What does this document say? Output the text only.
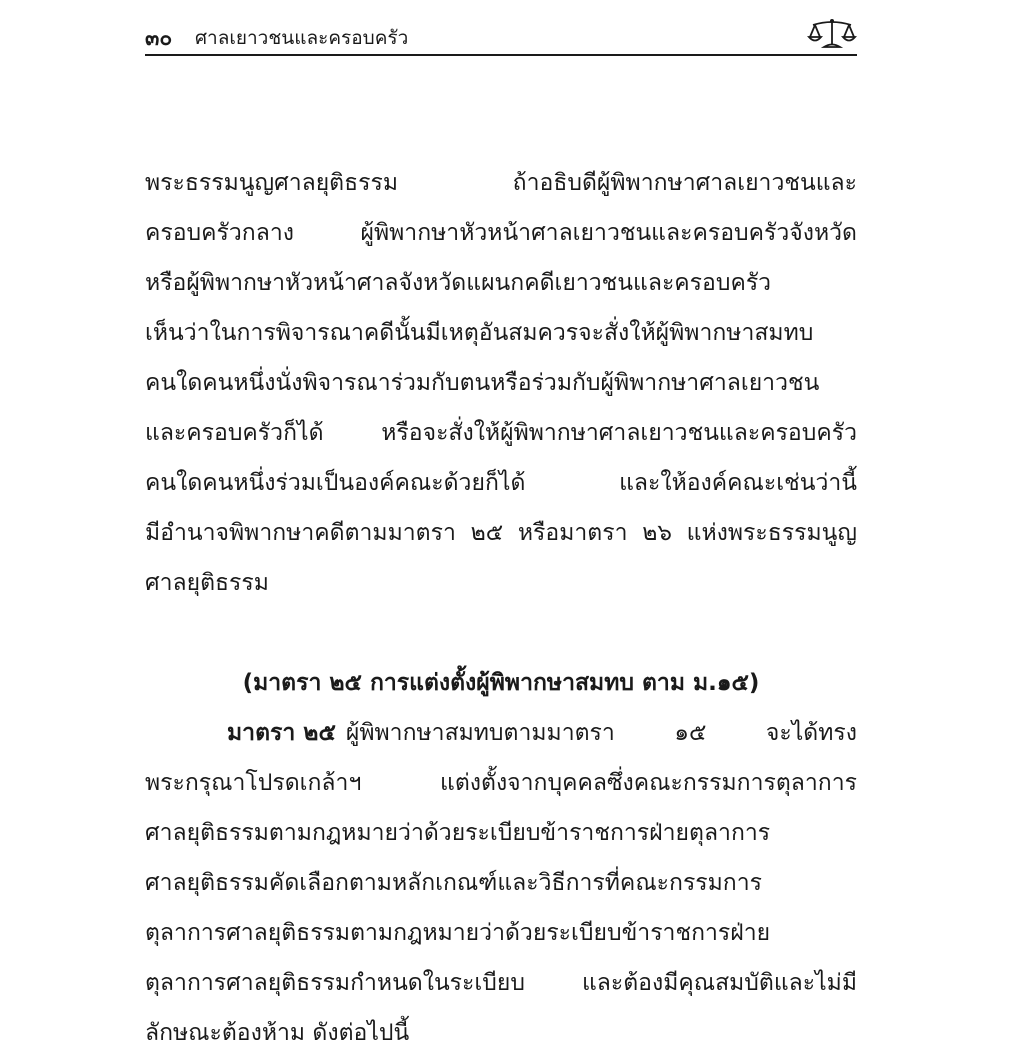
๓๐ ศาลเยาวชนและครอบครัว
พระธรรมนูญศาลยุติธรรม ถ้าอธิบดีผู้พิพากษาศาลเยาวชนและ
ครอบครัวกลาง ผู้พิพากษาหัวหน้าศาลเยาวชนและครอบครัวจังหวัด
หรือผู้พิพากษาหัวหน้าศาลจังหวัดแผนกคดีเยาวชนและครอบครัว
เห็นว่าในการพิจารณาคดีนั้นมีเหตุอันสมควรจะสั่งให้ผู้พิพากษาสมทบ
คนใดคนหนึ่งนั่งพิจารณาร่วมกับตนหรือร่วมกับผู้พิพากษาศาลเยาวชน
และครอบครัวก็ได้ หรือจะสั่งให้ผู้พิพากษาศาลเยาวชนและครอบครัว
คนใดคนหนึ่งร่วมเป็นองค์คณะด้วยก็ได้ และให้องค์คณะเช่นว่านี้
มีอำนาจพิพากษาคดีตามมาตรา ๒๕ หรือมาตรา ๒๖ แห่งพระธรรมนูญ
ศาลยุติธรรม
(มาตรา ๒๕ การแต่งตั้งผู้พิพากษาสมทบ ตาม ม.๑๕)
มาตรา ๒๕ ผู้พิพากษาสมทบตามมาตรา ๑๕ จะได้ทรง
พระกรุณาโปรดเกล้าฯ แต่งตั้งจากบุคคลซึ่งคณะกรรมการตุลาการ
ศาลยุติธรรมตามกฎหมายว่าด้วยระเบียบข้าราชการฝ่ายตุลาการ
ศาลยุติธรรมคัดเลือกตามหลักเกณฑ์และวิธีการที่คณะกรรมการ
ตุลาการศาลยุติธรรมตามกฎหมายว่าด้วยระเบียบข้าราชการฝ่าย
ตุลาการศาลยุติธรรมกำหนดในระเบียบ และต้องมีคุณสมบัติและไม่มี
ลักษณะต้องห้าม ดังต่อไปนี้
